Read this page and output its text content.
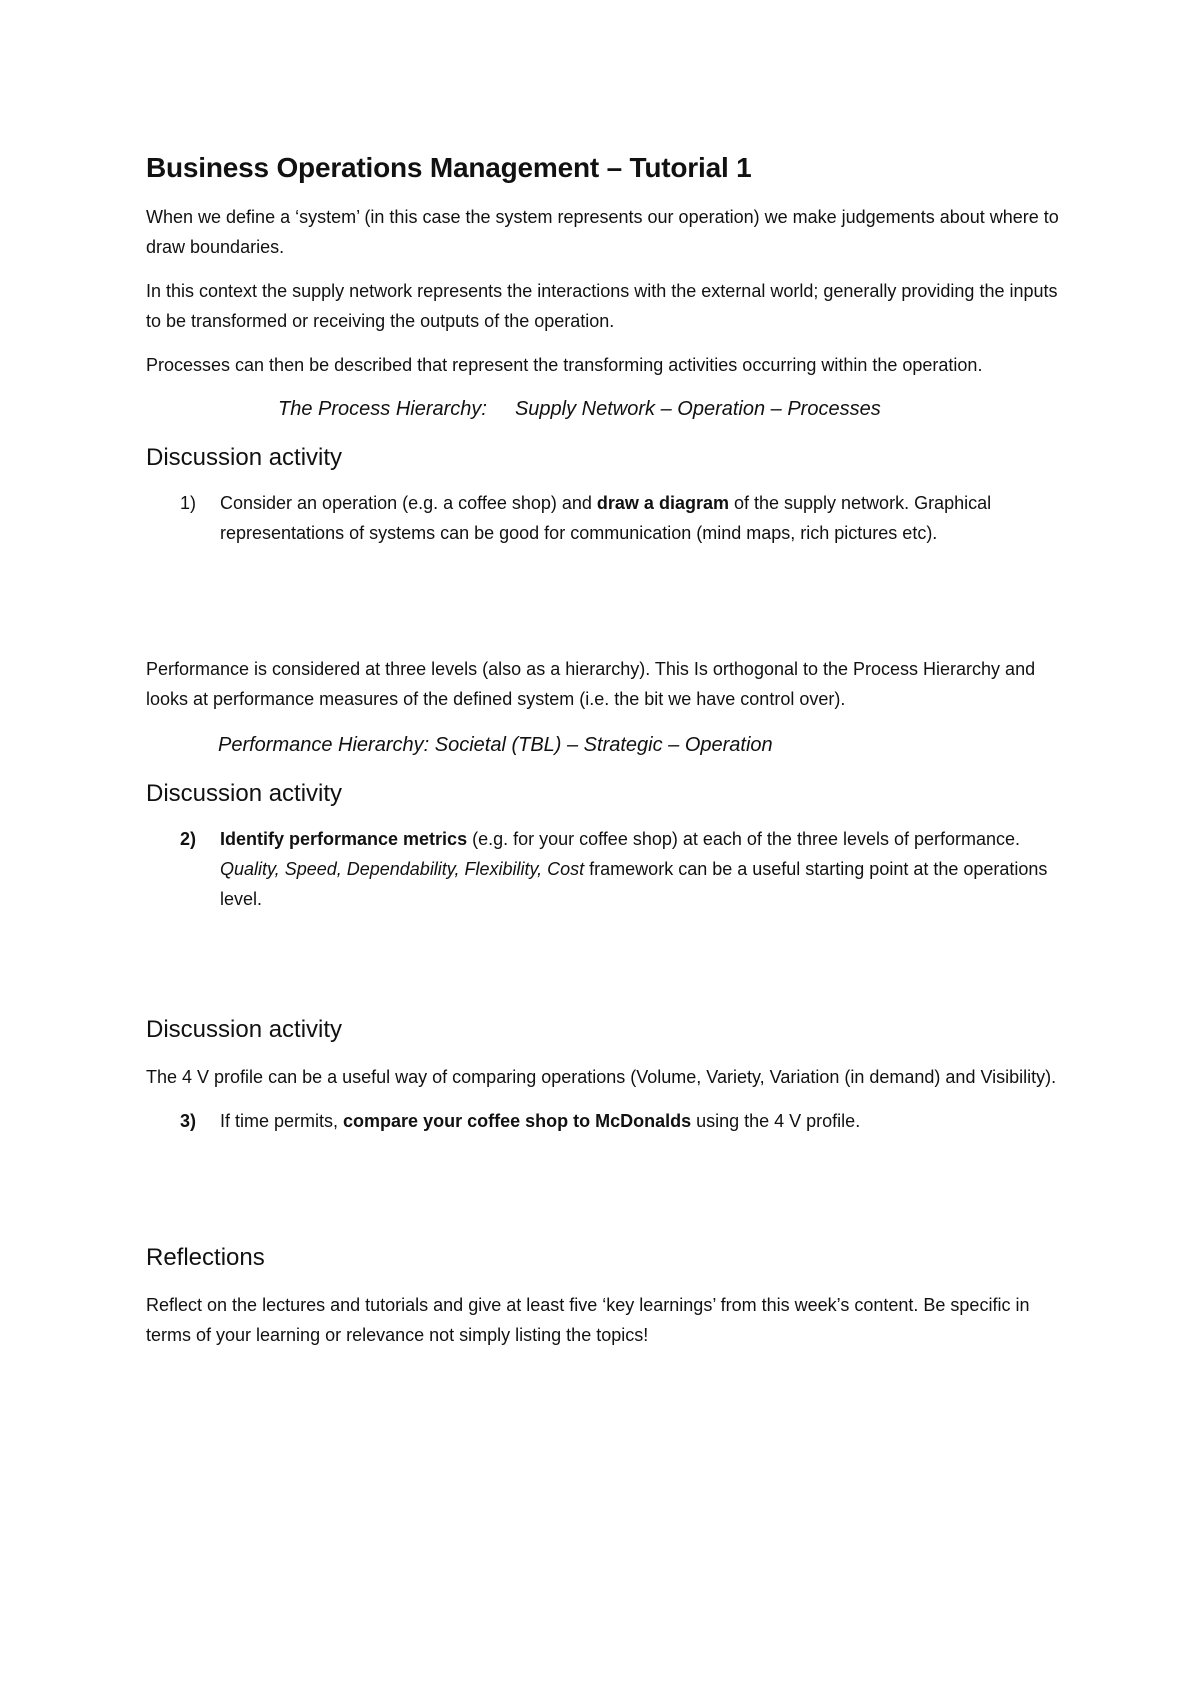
Business Operations Management – Tutorial 1

When we define a ‘system’ (in this case the system represents our operation) we make judgements about where to draw boundaries.

In this context the supply network represents the interactions with the external world; generally providing the inputs to be transformed or receiving the outputs of the operation.

Processes can then be described that represent the transforming activities occurring within the operation.

The Process Hierarchy: Supply Network – Operation – Processes
Discussion activity
1)	Consider an operation (e.g. a coffee shop) and draw a diagram of the supply network. Graphical representations of systems can be good for communication (mind maps, rich pictures etc).

Performance is considered at three levels (also as a hierarchy). This Is orthogonal to the Process Hierarchy and looks at performance measures of the defined system (i.e. the bit we have control over).

Performance Hierarchy: Societal (TBL) – Strategic – Operation
Discussion activity
2)	Identify performance metrics (e.g. for your coffee shop) at each of the three levels of performance. Quality, Speed, Dependability, Flexibility, Cost framework can be a useful starting point at the operations level.
Discussion activity

The 4 V profile can be a useful way of comparing operations (Volume, Variety, Variation (in demand) and Visibility).

3)	If time permits, compare your coffee shop to McDonalds using the 4 V profile.
Reflections

Reflect on the lectures and tutorials and give at least five ‘key learnings’ from this week’s content. Be specific in terms of your learning or relevance not simply listing the topics!
